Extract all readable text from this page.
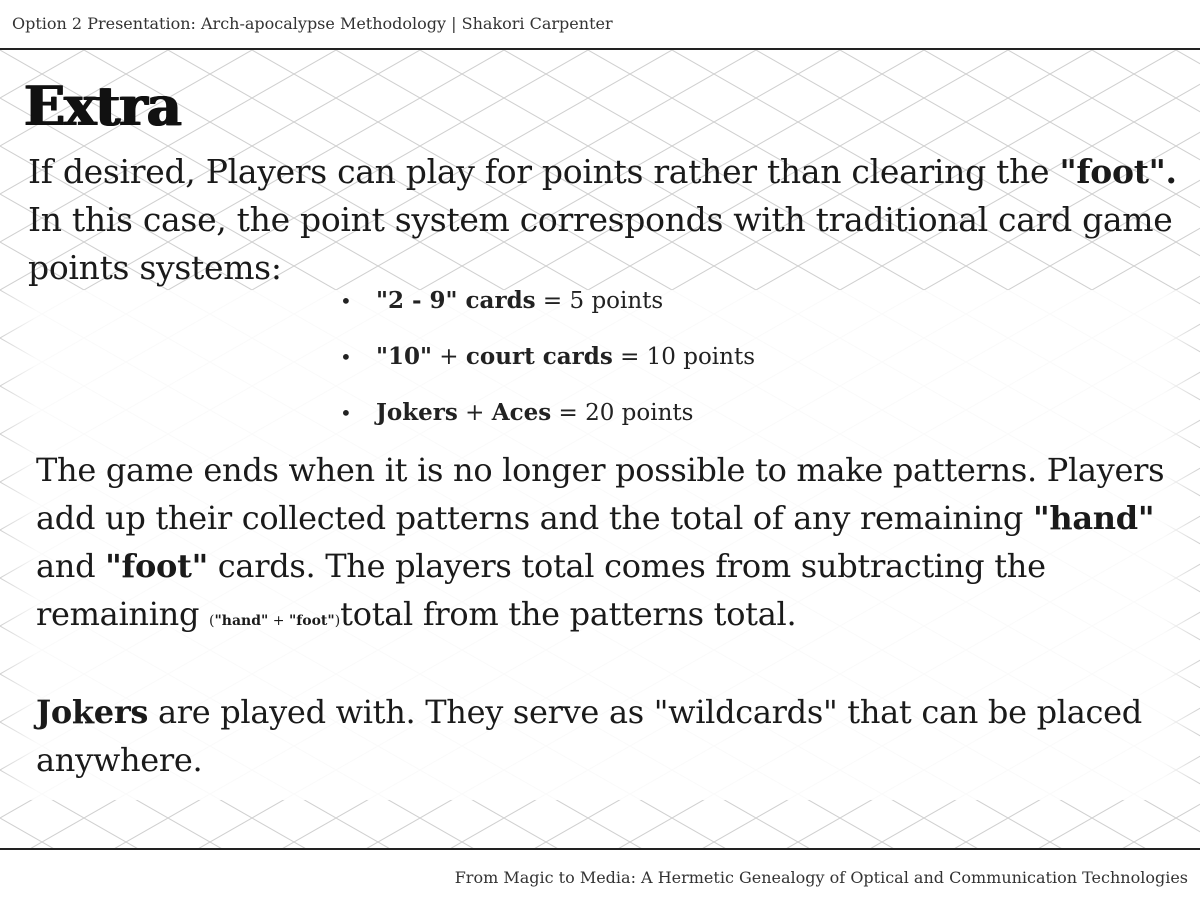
Option 2 Presentation: Arch-apocalypse Methodology | Shakori Carpenter
Extra

If desired, Players can play for points rather than clearing the "foot". In this case, the point system corresponds with traditional card game points systems:

• "2 - 9" cards = 5 points
• "10" + court cards = 10 points
• Jokers + Aces = 20 points

The game ends when it is no longer possible to make patterns. Players add up their collected patterns and the total of any remaining "hand" and "foot" cards. The players total comes from subtracting the remaining ("hand" + "foot")total from the patterns total.

Jokers are played with. They serve as "wildcards" that can be placed anywhere.

From Magic to Media: A Hermetic Genealogy of Optical and Communication Technologies
